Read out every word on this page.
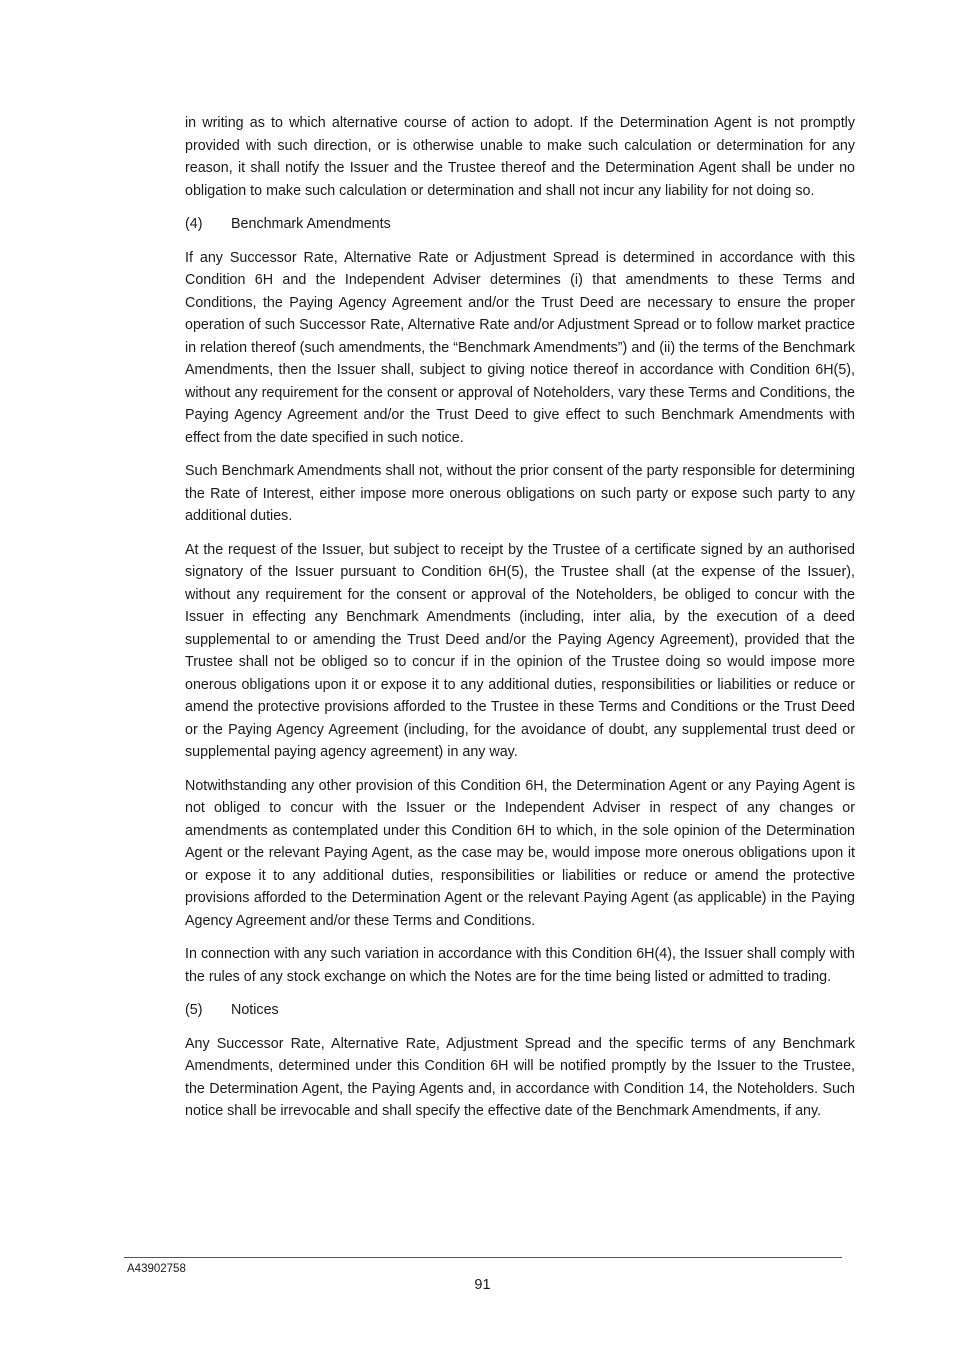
in writing as to which alternative course of action to adopt. If the Determination Agent is not promptly provided with such direction, or is otherwise unable to make such calculation or determination for any reason, it shall notify the Issuer and the Trustee thereof and the Determination Agent shall be under no obligation to make such calculation or determination and shall not incur any liability for not doing so.

(4)	Benchmark Amendments

If any Successor Rate, Alternative Rate or Adjustment Spread is determined in accordance with this Condition 6H and the Independent Adviser determines (i) that amendments to these Terms and Conditions, the Paying Agency Agreement and/or the Trust Deed are necessary to ensure the proper operation of such Successor Rate, Alternative Rate and/or Adjustment Spread or to follow market practice in relation thereof (such amendments, the “Benchmark Amendments”) and (ii) the terms of the Benchmark Amendments, then the Issuer shall, subject to giving notice thereof in accordance with Condition 6H(5), without any requirement for the consent or approval of Noteholders, vary these Terms and Conditions, the Paying Agency Agreement and/or the Trust Deed to give effect to such Benchmark Amendments with effect from the date specified in such notice.

Such Benchmark Amendments shall not, without the prior consent of the party responsible for determining the Rate of Interest, either impose more onerous obligations on such party or expose such party to any additional duties.

At the request of the Issuer, but subject to receipt by the Trustee of a certificate signed by an authorised signatory of the Issuer pursuant to Condition 6H(5), the Trustee shall (at the expense of the Issuer), without any requirement for the consent or approval of the Noteholders, be obliged to concur with the Issuer in effecting any Benchmark Amendments (including, inter alia, by the execution of a deed supplemental to or amending the Trust Deed and/or the Paying Agency Agreement), provided that the Trustee shall not be obliged so to concur if in the opinion of the Trustee doing so would impose more onerous obligations upon it or expose it to any additional duties, responsibilities or liabilities or reduce or amend the protective provisions afforded to the Trustee in these Terms and Conditions or the Trust Deed or the Paying Agency Agreement (including, for the avoidance of doubt, any supplemental trust deed or supplemental paying agency agreement) in any way.

Notwithstanding any other provision of this Condition 6H, the Determination Agent or any Paying Agent is not obliged to concur with the Issuer or the Independent Adviser in respect of any changes or amendments as contemplated under this Condition 6H to which, in the sole opinion of the Determination Agent or the relevant Paying Agent, as the case may be, would impose more onerous obligations upon it or expose it to any additional duties, responsibilities or liabilities or reduce or amend the protective provisions afforded to the Determination Agent or the relevant Paying Agent (as applicable) in the Paying Agency Agreement and/or these Terms and Conditions.

In connection with any such variation in accordance with this Condition 6H(4), the Issuer shall comply with the rules of any stock exchange on which the Notes are for the time being listed or admitted to trading.

(5)	Notices

Any Successor Rate, Alternative Rate, Adjustment Spread and the specific terms of any Benchmark Amendments, determined under this Condition 6H will be notified promptly by the Issuer to the Trustee, the Determination Agent, the Paying Agents and, in accordance with Condition 14, the Noteholders. Such notice shall be irrevocable and shall specify the effective date of the Benchmark Amendments, if any.

A43902758
91
